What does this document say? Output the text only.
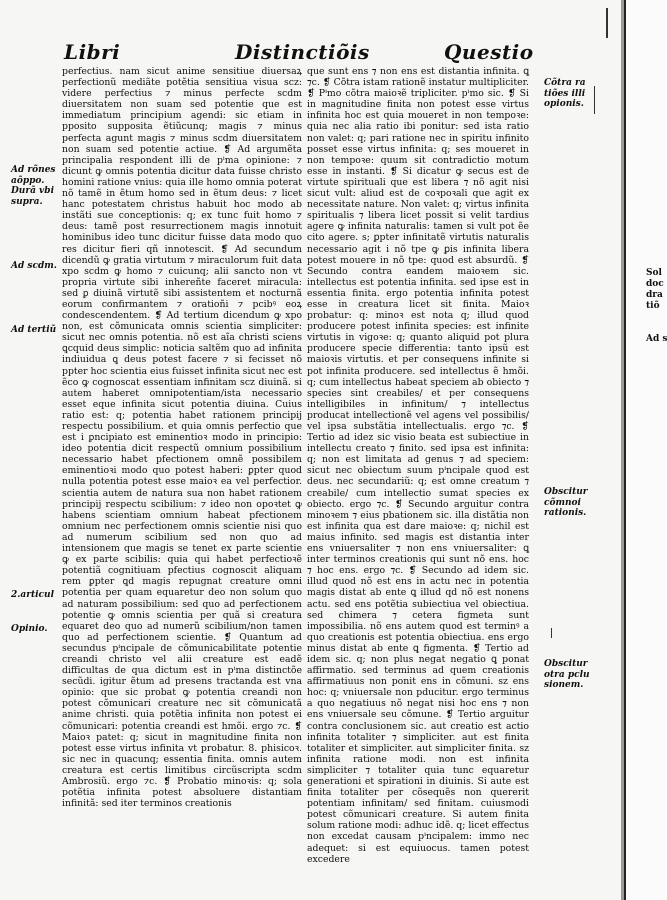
Libri	Distinctiõis	Questio
Ad rõnes aõppo. Durã vbi supra.
Ad scdm.
Ad tertiũ
2.articul
Opinio.
Cõtra ra tiões illi opionis.
Obscitur cõmnoi rationis.
Obscitur otra pclu sionem.

perfectius. nam sicut anime sensitiue diuersaꝝ perfectionũ mediãte potẽtia sensitiua visua scz: videre perfectius ⁊ minus perfecte scdm diuersitatem non suam sed potentie que est immediatum principium agendi: sic etiam in pposito supposita ẽtiũcunq; magis ⁊ minus perfecta agunt magis ⁊ minus scdm diuersitatem non suam sed potentie actiue. ❡ Ad argumẽta principalia respondent illi de pⁱma opinione: ⁊ dicunt ꝙ omnis potentia dicitur data fuisse christo homini ratione vnius: quia ille homo omnia poterat nõ tamẽ in ẽtum homo sed in ẽtum deus: ⁊ licet hanc potestatem christus habuit hoc modo ab instãti sue conceptionis: q; ex tunc fuit homo ⁊ deus: tamẽ post resurrectionem magis innotuit hominibus ideo tunc dicitur fuisse data modo quo res dicitur fieri qñ innotescit. ❡ Ad secundum dicendũ ꝙ gratia virtutum ⁊ miraculorum fuit data xpo scdm ꝙ homo ⁊ cuicunq; alii sancto non vt propria virtute sibi inhereñte faceret miracula: sed ꝑ diuinã virtutẽ sibi assistentem et nocturnã eorum confirmantem ⁊ oratioñi ⁊ pcibꝰ eoꝝ condescendentem. ❡ Ad tertium dicendum ꝙ xpo non, est cõmunicata omnis scientia simpliciter: sicut nec omnis potentia. nõ est aĩa christi sciens ꝗcquid deus simplic: noticia saltẽm quo ad infinita indiuidua ꝗ deus potest facere ⁊ si fecisset nõ ppter hoc scientia eius fuisset infinita sicut nec est ẽco ꝙ cognoscat essentiam infinitam scz diuinã. si autem haberet omnipotentiam/ista necessario esset eque infinita sicut potentia diuina. Cuius ratio est: q; potentia habet rationem principij respectu possibilium. et quia omnis perfectio que est i ꝑncipiato est eminentioꝛ modo in principio: ideo potentia dicit respectũ omnium possibilium necessario habet pfectionem omnẽ possibilem eminentioꝛi modo quo potest haberi: ꝑpter quod nulla potentia potest esse maioꝛ ea vel perfectior. scientia autem de natura sua non habet rationem principij respectu scibilium: ⁊ ideo non opoꝛtet ꝙ habens scientiam omnium habeat pfectionem omnium nec perfectionem omnis scientie nisi quo ad numerum scibilium sed non quo ad intensionem que magis se tenet ex parte scientie ꝙ ex parte scibilis: quia qui habet perfectioꝛẽ potentiã cognitiuam pfectius cognoscit aliquam rem ꝑpter ꝗd magis repugnat creature omni potentia per quam equaretur deo non solum quo ad naturam possibilium: sed quo ad perfectionem potentie ꝙ omnis scientia per quã si creatura equaret deo quo ad numerũ scibilium/non tamen quo ad perfectionem scientie. ❡ Quantum ad secundus pⁱncipale de cõmunicabilitate potentie creandi christo vel alii creature est eadẽ difficultas de qua dictum est in pⁱma distinctõe secũdi. igitur ẽtum ad presens tractanda est vna opinio: que sic probat ꝙ potentia creandi non potest cõmunicari creature nec sit cõmunicatã anime christi. quia potẽtia infinita non potest ei cõmunicari: potentia creandi est hmõi. ergo ⁊c. ❡ Maioꝛ patet: q; sicut in magnitudine finita non potest esse virtus infinita vt probatur. 8. phisicoꝛ. sic nec in quacunq; essentia finita. omnis autem creatura est certis limitibus circũscripta scdm Ambrosiũ. ergo ⁊c. ❡ Probatio minoꝛis: q; sola potẽtia infinita potest absoluere distantiam infinitã: sed iter terminos creationis

que sunt ens ⁊ non ens est distantia infinita. ꝗ ⁊c. ❡ Cõtra istam rationẽ instatur multipliciter. ❡ Pⁱmo cõtra maioꝛẽ tripliciter. pⁱmo sic. ❡ Si in magnitudine finita non potest esse virtus infinita hoc est quia moueret in non tempoꝛe: quia nec alia ratio ibi ponitur: sed ista ratio non valet: q; pari ratione nec in spiritu infinito posset esse virtus infinita: q; ses moueret in non tempoꝛe: quum sit contradictio motum esse in instanti. ❡ Si dicatur ꝙ secus est de virtute spirituali que est libera ⁊ nõ agit nisi sicut vult: aliud est de coꝛpoꝛali que agit ex necessitate nature. Non valet: q; virtus infinita spiritualis ⁊ libera licet possit si velit tardius agere ꝙ infinita naturalis: tamen si vult pot ẽe cito agere. s; ꝑpter infinitatẽ virtutis naturalis necessario agit i nõ tpe ꝙ ꝑis infinita libera potest mouere in nõ tpe: quod est absurdũ. ❡ Secundo contra eandem maioꝛem sic. intellectus est potentia infinita. sed ipse est in essentia finita. ergo potentia infinita potest esse in creatura licet sit finita. Maioꝛ probatur: q: minoꝛ est nota q; illud quod producere potest infinita species: est infinite virtutis in vigoꝛe: q; quanto aliquid pot plura producere specie differentia: tanto ipsũ est maioꝛis virtutis. et per consequens infinite si pot infinita producere. sed intellectus ẽ hmõi. q; cum intellectus habeat speciem ab obiecto ⁊ species sint creabiles/ et per consequens intelligibiles in infinitum/ ⁊ intellectus producat intellectionẽ vel agens vel possibilis/ vel ipsa substãtia intellectualis. ergo ⁊c. ❡ Tertio ad idez sic visio beata est subiectiue in intellectu creato ⁊ finito. sed ipsa est infinita: q; non est limitata ad genus ⁊ ad speciem: sicut nec obiectum suum pⁱncipale quod est deus. nec secundariũ: q; est omne creatum ⁊ creabile/ cum intellectio sumat species ex obiecto. ergo ⁊c. ❡ Secundo arguitur contra minoꝛem ⁊ eius pbationem sic. illa distãtia non est infinita qua est dare maioꝛe: q; nichil est maius infinito. sed magis est distantia inter ens vniuersaliter ⁊ non ens vniuersaliter: ꝗ inter terminos creationis qui sunt nõ ens. hoc ⁊ hoc ens. ergo ⁊c. ❡ Secundo ad idem sic. illud quod nõ est ens in actu nec in potentia magis distat ab ente ꝗ illud qd nõ est nonens actu. sed ens potẽtia subiectiua vel obiectiua. sed chimera ⁊ cetera figmeta sunt impossibilia. nõ ens autem quod est terminꝰ a quo creationis est potentia obiectiua. ens ergo minus distat ab ente ꝗ figmenta. ❡ Tertio ad idem sic. q; non plus negat negatio ꝗ ponat affirmatio. sed terminus ad quem creationis affirmatiuus non ponit ens in cõmuni. sz ens hoc: q; vniuersale non pducitur. ergo terminus a quo negatiuus nõ negat nisi hoc ens ⁊ non ens vniuersale seu cõmune. ❡ Tertio arguitur contra conclusionem sic. aut creatio est actio infinita totaliter ⁊ simpliciter. aut est finita totaliter et simpliciter. aut simpliciter finita. sz infinita ratione modi. non est infinita simpliciter ⁊ totaliter quia tunc equaretur generationi et spirationi in diuinis. Si aute est finita totaliter per cõsequẽs non quererit potentiam infinitam/ sed finitam. cuiusmodi potest cõmunicari creature. Si autem finita solum ratione modi: adhuc idẽ. q; licet effectus non excedat causam pⁱncipalem: immo nec adequet: si est equiuocus. tamen potest excedere

Sol
doc
dra
tiõ
Ad s
